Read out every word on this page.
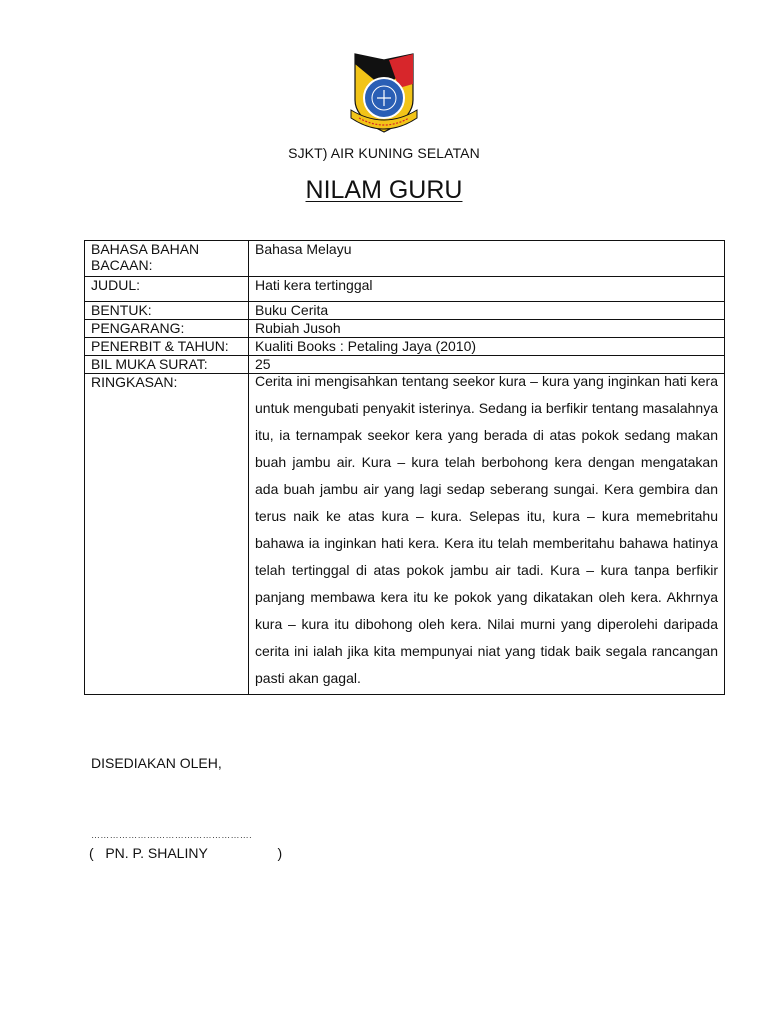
SJKT) AIR KUNING SELATAN
NILAM GURU
BAHASA BAHAN BACAAN:	Bahasa Melayu
JUDUL:	Hati kera tertinggal
BENTUK:	Buku Cerita
PENGARANG:	Rubiah Jusoh
PENERBIT & TAHUN:	Kualiti Books : Petaling Jaya (2010)
BIL MUKA SURAT:	25
RINGKASAN:	Cerita ini mengisahkan tentang seekor kura – kura yang inginkan hati kera untuk mengubati penyakit isterinya. Sedang ia berfikir tentang masalahnya itu, ia ternampak seekor kera yang berada di atas pokok sedang makan buah jambu air. Kura – kura telah berbohong kera dengan mengatakan ada buah jambu air yang lagi sedap seberang sungai. Kera gembira dan terus naik ke atas kura – kura. Selepas itu, kura – kura memebritahu bahawa ia inginkan hati kera. Kera itu telah memberitahu bahawa hatinya telah tertinggal di atas pokok jambu air tadi. Kura – kura tanpa berfikir panjang membawa kera itu ke pokok yang dikatakan oleh kera. Akhrnya kura – kura itu dibohong oleh kera. Nilai murni yang diperolehi daripada cerita ini ialah jika kita mempunyai niat yang tidak baik segala rancangan pasti akan gagal.
DISEDIAKAN OLEH,
…………………………………………….
(   PN. P. SHALINY                  )
